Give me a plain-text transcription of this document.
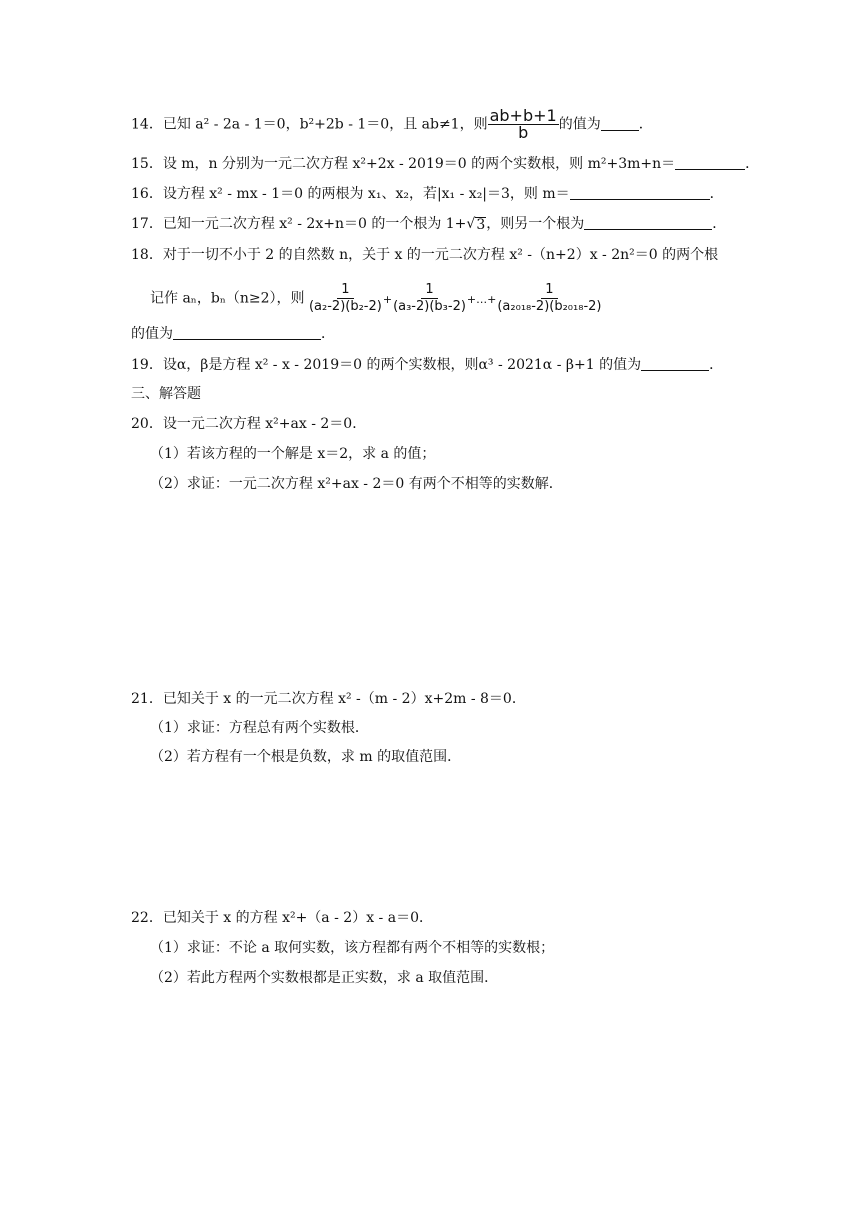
14．已知 a² - 2a - 1＝0，b²+2b - 1＝0，且 ab≠1，则 $\frac{ab+b+1}{b}$ 的值为	．
15．设 m，n 分别为一元二次方程 x²+2x - 2019＝0 的两个实数根，则 m²+3m+n＝	．
16．设方程 x² - mx - 1＝0 的两根为 x₁、x₂，若|x₁ - x₂|＝3，则 m＝	．
17．已知一元二次方程 x² - 2x+n＝0 的一个根为 1+ √ 3 ，则另一个根为	．
18．对于一切不小于 2 的自然数 n，关于 x 的一元二次方程 x² -（n+2）x - 2n²＝0 的两个根
记作 aₙ，bₙ（n≥2），则 $\frac{1}{\text{(a₂-2)(b₂-2)}} + \frac{1}{\text{(a₃-2)(b₃-2)}}$ +…+ $\frac{1}{\text{(a₂₀₁₈-2)(b₂₀₁₈-2)}}$
的值为	．
19．设α，β是方程 x² - x - 2019＝0 的两个实数根，则α³ - 2021α - β+1 的值为	．
三、解答题
20．设一元二次方程 x²+ax - 2＝0．
（1）若该方程的一个解是 x＝2，求 a 的值；
（2）求证：一元二次方程 x²+ax - 2＝0 有两个不相等的实数解．
21．已知关于 x 的一元二次方程 x² -（m - 2）x+2m - 8＝0．
（1）求证：方程总有两个实数根．
（2）若方程有一个根是负数，求 m 的取值范围．
22．已知关于 x 的方程 x²+（a - 2）x - a＝0．
（1）求证：不论 a 取何实数，该方程都有两个不相等的实数根；
（2）若此方程两个实数根都是正实数，求 a 取值范围．
